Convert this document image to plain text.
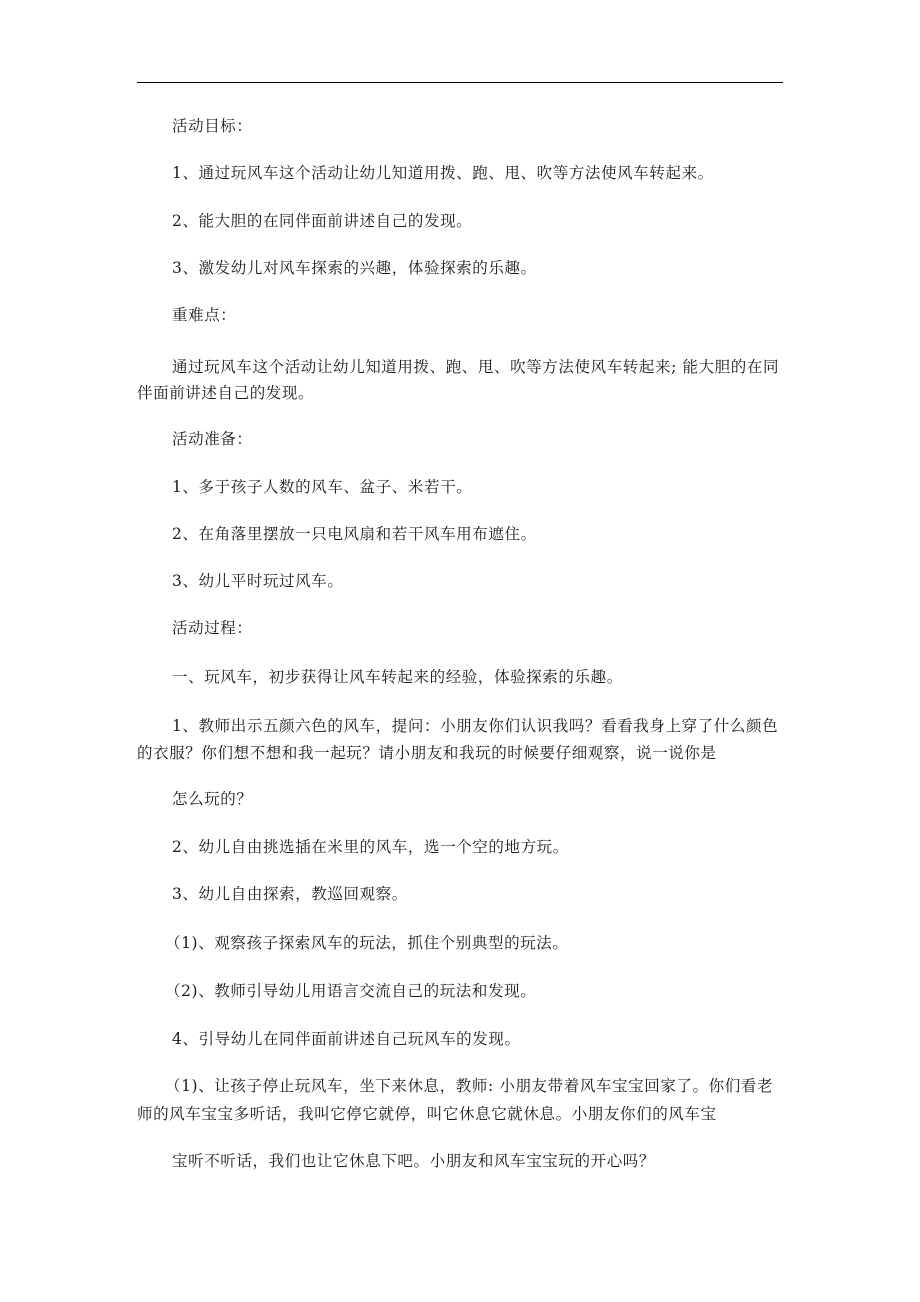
活动目标：
1、通过玩风车这个活动让幼儿知道用拨、跑、甩、吹等方法使风车转起来。
2、能大胆的在同伴面前讲述自己的发现。
3、激发幼儿对风车探索的兴趣，体验探索的乐趣。
重难点：
通过玩风车这个活动让幼儿知道用拨、跑、甩、吹等方法使风车转起来; 能大胆的在同
伴面前讲述自己的发现。
活动准备：
1、多于孩子人数的风车、盆子、米若干。
2、在角落里摆放一只电风扇和若干风车用布遮住。
3、幼儿平时玩过风车。
活动过程：
一、玩风车，初步获得让风车转起来的经验，体验探索的乐趣。
1、教师出示五颜六色的风车，提问：小朋友你们认识我吗？看看我身上穿了什么颜色
的衣服？你们想不想和我一起玩？请小朋友和我玩的时候要仔细观察，说一说你是
怎么玩的？
2、幼儿自由挑选插在米里的风车，选一个空的地方玩。
3、幼儿自由探索，教巡回观察。
（1)、观察孩子探索风车的玩法，抓住个别典型的玩法。
（2)、教师引导幼儿用语言交流自己的玩法和发现。
4、引导幼儿在同伴面前讲述自己玩风车的发现。
（1)、让孩子停止玩风车，坐下来休息，教师: 小朋友带着风车宝宝回家了。你们看老
师的风车宝宝多听话，我叫它停它就停，叫它休息它就休息。小朋友你们的风车宝
宝听不听话，我们也让它休息下吧。小朋友和风车宝宝玩的开心吗？
